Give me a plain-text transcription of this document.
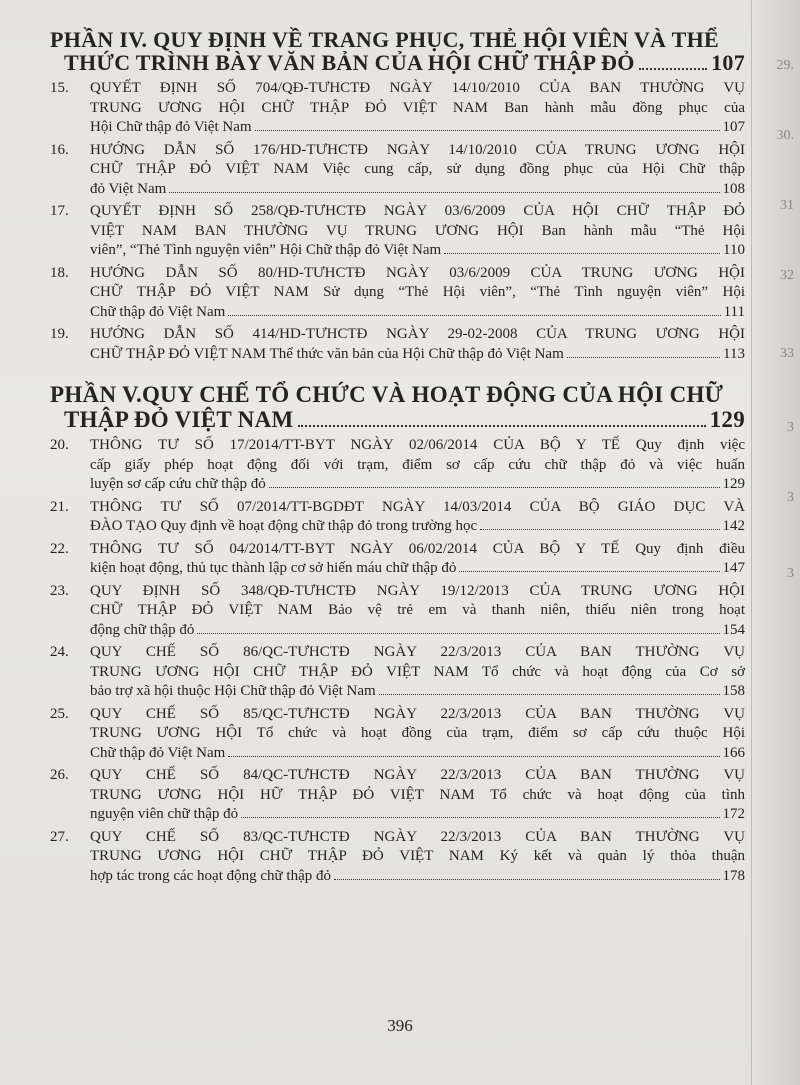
29.
30.
31
32
33
3
3
3
PHẦN IV. QUY ĐỊNH VỀ TRANG PHỤC, THẺ HỘI VIÊN VÀ THỂ
THỨC TRÌNH BÀY VĂN BẢN CỦA HỘI CHỮ THẬP ĐỎ	107
15.	QUYẾT ĐỊNH SỐ 704/QĐ-TƯHCTĐ NGÀY 14/10/2010 CỦA BAN THƯỜNG VỤ
TRUNG ƯƠNG HỘI CHỮ THẬP ĐỎ VIỆT NAM Ban hành mẫu đồng phục của
Hội Chữ thập đỏ Việt Nam	107
16.	HƯỚNG DẪN SỐ 176/HD-TƯHCTĐ NGÀY 14/10/2010 CỦA TRUNG ƯƠNG HỘI
CHỮ THẬP ĐỎ VIỆT NAM Việc cung cấp, sử dụng đồng phục của Hội Chữ thập
đỏ Việt Nam	108
17.	QUYẾT ĐỊNH SỐ 258/QĐ-TƯHCTĐ NGÀY 03/6/2009 CỦA HỘI CHỮ THẬP ĐỎ
VIỆT NAM BAN THƯỜNG VỤ TRUNG ƯƠNG HỘI Ban hành mẫu “Thẻ Hội
viên”, “Thẻ Tình nguyện viên” Hội Chữ thập đỏ Việt Nam	110
18.	HƯỚNG DẪN SỐ 80/HD-TƯHCTĐ NGÀY 03/6/2009 CỦA TRUNG ƯƠNG HỘI
CHỮ THẬP ĐỎ VIỆT NAM Sử dụng “Thẻ Hội viên”, “Thẻ Tình nguyện viên” Hội
Chữ thập đỏ Việt Nam	111
19.	HƯỚNG DẪN SỐ 414/HD-TƯHCTĐ NGÀY 29-02-2008 CỦA TRUNG ƯƠNG HỘI
CHỮ THẬP ĐỎ VIỆT NAM Thể thức văn bản của Hội Chữ thập đỏ Việt Nam	113
PHẦN V.QUY CHẾ TỔ CHỨC VÀ HOẠT ĐỘNG CỦA HỘI CHỮ
THẬP ĐỎ VIỆT NAM	129
20.	THÔNG TƯ SỐ 17/2014/TT-BYT NGÀY 02/06/2014 CỦA BỘ Y TẾ Quy định việc
cấp giấy phép hoạt động đối với trạm, điểm sơ cấp cứu chữ thập đỏ và việc huấn
luyện sơ cấp cứu chữ thập đỏ	129
21.	THÔNG TƯ SỐ 07/2014/TT-BGDĐT NGÀY 14/03/2014 CỦA BỘ GIÁO DỤC VÀ
ĐÀO TẠO Quy định về hoạt động chữ thập đỏ trong trường học	142
22.	THÔNG TƯ SỐ 04/2014/TT-BYT NGÀY 06/02/2014 CỦA BỘ Y TẾ Quy định điều
kiện hoạt động, thủ tục thành lập cơ sở hiến máu chữ thập đỏ	147
23.	QUY ĐỊNH SỐ 348/QĐ-TƯHCTĐ NGÀY 19/12/2013 CỦA TRUNG ƯƠNG HỘI
CHỮ THẬP ĐỎ VIỆT NAM Bảo vệ trẻ em và thanh niên, thiếu niên trong hoạt
động chữ thập đỏ	154
24.	QUY CHẾ SỐ 86/QC-TƯHCTĐ NGÀY 22/3/2013 CỦA BAN THƯỜNG VỤ
TRUNG ƯƠNG HỘI CHỮ THẬP ĐỎ VIỆT NAM Tổ chức và hoạt động của Cơ sở
bảo trợ xã hội thuộc Hội Chữ thập đỏ Việt Nam	158
25.	QUY CHẾ SỐ 85/QC-TƯHCTĐ NGÀY 22/3/2013 CỦA BAN THƯỜNG VỤ
TRUNG ƯƠNG HỘI Tổ chức và hoạt đồng của trạm, điểm sơ cấp cứu thuộc Hội
Chữ thập đỏ Việt Nam	166
26.	QUY CHẾ SỐ 84/QC-TƯHCTĐ NGÀY 22/3/2013 CỦA BAN THƯỜNG VỤ
TRUNG ƯƠNG HỘI HỮ THẬP ĐỎ VIỆT NAM Tổ chức và hoạt động của tình
nguyện viên chữ thập đỏ	172
27.	QUY CHẾ SỐ 83/QC-TƯHCTĐ NGÀY 22/3/2013 CỦA BAN THƯỜNG VỤ
TRUNG ƯƠNG HỘI CHỮ THẬP ĐỎ VIỆT NAM Ký kết và quản lý thỏa thuận
hợp tác trong các hoạt động chữ thập đỏ	178
396
